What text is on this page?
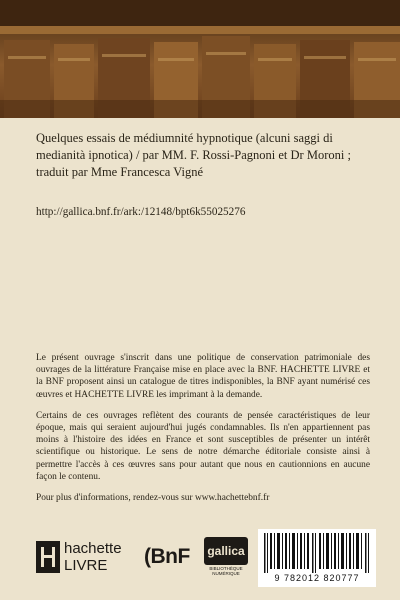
Quelques essais de médiumnité hypnotique (alcuni saggi di medianità ipnotica) / par MM. F. Rossi-Pagnoni et Dr Moroni ; traduit par Mme Francesca Vigné
http://gallica.bnf.fr/ark:/12148/bpt6k55025276

Le présent ouvrage s'inscrit dans une politique de conservation patrimoniale des ouvrages de la littérature Française mise en place avec la BNF. HACHETTE LIVRE et la BNF proposent ainsi un catalogue de titres indisponibles, la BNF ayant numérisé ces œuvres et HACHETTE LIVRE les imprimant à la demande.

Certains de ces ouvrages reflètent des courants de pensée caractéristiques de leur époque, mais qui seraient aujourd'hui jugés condamnables. Ils n'en appartiennent pas moins à l'histoire des idées en France et sont susceptibles de présenter un intérêt scientifique ou historique. Le sens de notre démarche éditoriale consiste ainsi à permettre l'accès à ces œuvres sans pour autant que nous en cautionnions en aucune façon le contenu.

Pour plus d'informations, rendez-vous sur www.hachettebnf.fr

hachette
LIVRE (BnF gallica
BIBLIOTHÈQUE NUMÉRIQUE	9 782012 820777
